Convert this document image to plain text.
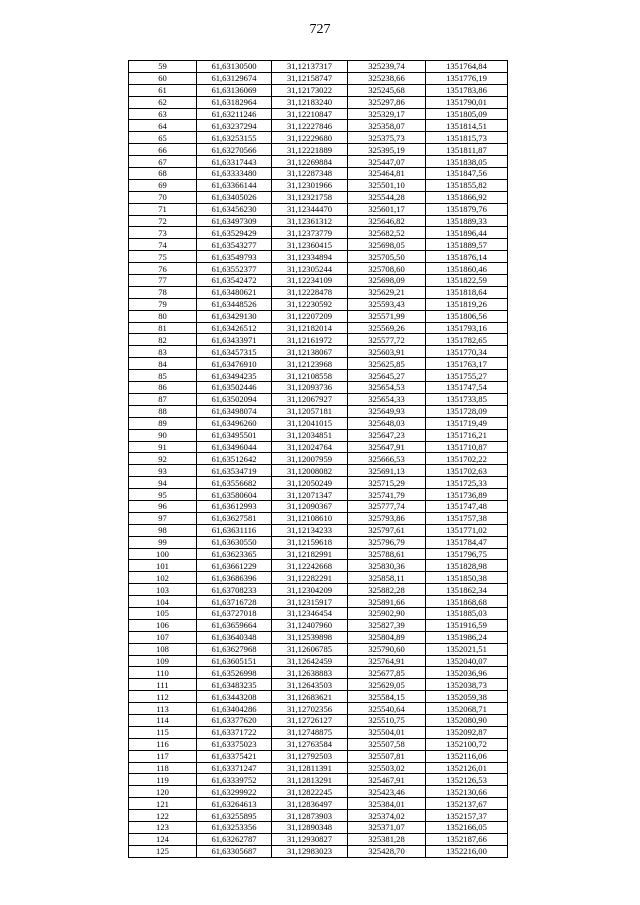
727
59	61,63130500	31,12137317	325239,74	1351764,84
60	61,63129674	31,12158747	325238,66	1351776,19
61	61,63136069	31,12173022	325245,68	1351783,86
62	61,63182964	31,12183240	325297,86	1351790,01
63	61,63211246	31,12210847	325329,17	1351805,09
64	61,63237294	31,12227846	325358,07	1351814,51
65	61,63253155	31,12229680	325375,73	1351815,73
66	61,63270566	31,12221889	325395,19	1351811,87
67	61,63317443	31,12269884	325447,07	1351838,05
68	61,63333480	31,12287348	325464,81	1351847,56
69	61,63366144	31,12301966	325501,10	1351855,82
70	61,63405026	31,12321758	325544,28	1351866,92
71	61,63456230	31,12344470	325601,17	1351879,76
72	61,63497309	31,12361312	325646,82	1351889,33
73	61,63529429	31,12373779	325682,52	1351896,44
74	61,63543277	31,12360415	325698,05	1351889,57
75	61,63549793	31,12334894	325705,50	1351876,14
76	61,63552377	31,12305244	325708,60	1351860,46
77	61,63542472	31,12234109	325698,09	1351822,59
78	61,63480621	31,12228478	325629,21	1351818,64
79	61,63448526	31,12230592	325593,43	1351819,26
80	61,63429130	31,12207209	325571,99	1351806,56
81	61,63426512	31,12182014	325569,26	1351793,16
82	61,63433971	31,12161972	325577,72	1351782,65
83	61,63457315	31,12138067	325603,91	1351770,34
84	61,63476910	31,12123968	325625,85	1351763,17
85	61,63494235	31,12108558	325645,27	1351755,27
86	61,63502446	31,12093736	325654,53	1351747,54
87	61,63502094	31,12067927	325654,33	1351733,85
88	61,63498074	31,12057181	325649,93	1351728,09
89	61,63496260	31,12041015	325648,03	1351719,49
90	61,63495501	31,12034851	325647,23	1351716,21
91	61,63496044	31,12024764	325647,91	1351710,87
92	61,63512642	31,12007959	325666,53	1351702,22
93	61,63534719	31,12008082	325691,13	1351702,63
94	61,63556682	31,12050249	325715,29	1351725,33
95	61,63580604	31,12071347	325741,79	1351736,89
96	61,63612993	31,12090367	325777,74	1351747,48
97	61,63627581	31,12108610	325793,86	1351757,38
98	61,63631116	31,12134233	325797,61	1351771,02
99	61,63630550	31,12159618	325796,79	1351784,47
100	61,63623365	31,12182991	325788,61	1351796,75
101	61,63661229	31,12242668	325830,36	1351828,98
102	61,63686396	31,12282291	325858,11	1351850,38
103	61,63708233	31,12304209	325882,28	1351862,34
104	61,63716728	31,12315917	325891,66	1351868,68
105	61,63727018	31,12346454	325902,90	1351885,03
106	61,63659664	31,12407960	325827,39	1351916,59
107	61,63640348	31,12539898	325804,89	1351986,24
108	61,63627968	31,12606785	325790,60	1352021,51
109	61,63605151	31,12642459	325764,91	1352040,07
110	61,63526998	31,12638883	325677,85	1352036,96
111	61,63483235	31,12643503	325629,05	1352038,73
112	61,63443208	31,12683621	325584,15	1352059,38
113	61,63404286	31,12702356	325540,64	1352068,71
114	61,63377620	31,12726127	325510,75	1352080,90
115	61,63371722	31,12748875	325504,01	1352092,87
116	61,63375023	31,12763584	325507,58	1352100,72
117	61,63375421	31,12792503	325507,81	1352116,06
118	61,63371247	31,12811391	325503,02	1352126,01
119	61,63339752	31,12813291	325467,91	1352126,53
120	61,63299922	31,12822245	325423,46	1352130,66
121	61,63264613	31,12836497	325384,01	1352137,67
122	61,63255895	31,12873903	325374,02	1352157,37
123	61,63253356	31,12890348	325371,07	1352166,05
124	61,63262787	31,12930827	325381,28	1352187,66
125	61,63305687	31,12983023	325428,70	1352216,00
